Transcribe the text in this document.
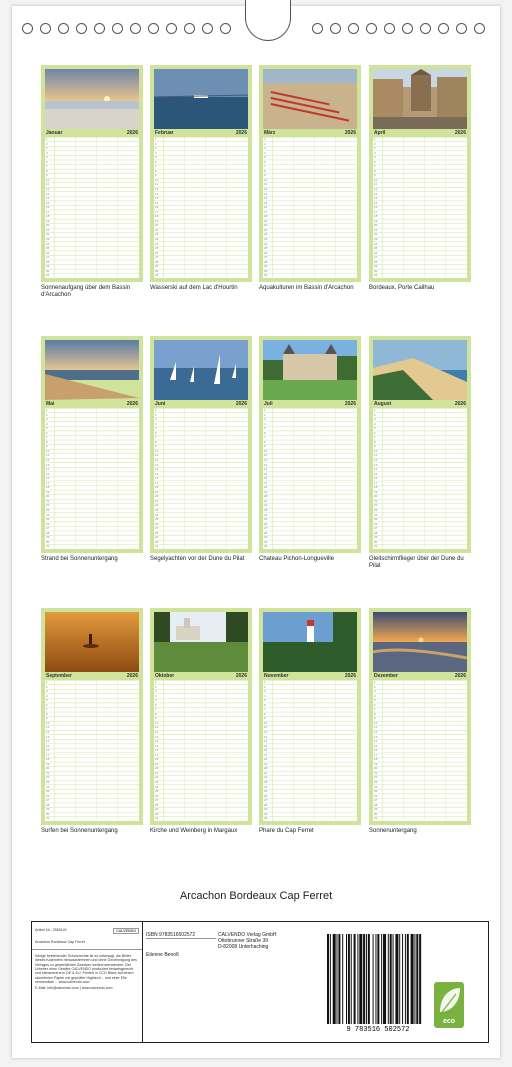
Januar	2026
1
2
3
4
5
6
7
8
9
10
11
12
13
14
15
16
17
18
19
20
21
22
23
24
25
26
27
28
29
30
31

Sonnenaufgang über dem Bassin d'Arcachon
Februar	2026
1
2
3
4
5
6
7
8
9
10
11
12
13
14
15
16
17
18
19
20
21
22
23
24
25
26
27
28
29
30
31

Wasserski auf dem Lac d'Hourtin
März	2026
1
2
3
4
5
6
7
8
9
10
11
12
13
14
15
16
17
18
19
20
21
22
23
24
25
26
27
28
29
30
31

Aquakulturen im Bassin d'Arcachon
April	2026
1
2
3
4
5
6
7
8
9
10
11
12
13
14
15
16
17
18
19
20
21
22
23
24
25
26
27
28
29
30
31

Bordeaux, Porte Cailhau
Mai	2026
1
2
3
4
5
6
7
8
9
10
11
12
13
14
15
16
17
18
19
20
21
22
23
24
25
26
27
28
29
30
31

Strand bei Sonnenuntergang
Juni	2026
1
2
3
4
5
6
7
8
9
10
11
12
13
14
15
16
17
18
19
20
21
22
23
24
25
26
27
28
29
30
31

Segelyachten vor der Dune du Pilat
Juli	2026
1
2
3
4
5
6
7
8
9
10
11
12
13
14
15
16
17
18
19
20
21
22
23
24
25
26
27
28
29
30
31

Chateau Pichon-Longueville
August	2026
1
2
3
4
5
6
7
8
9
10
11
12
13
14
15
16
17
18
19
20
21
22
23
24
25
26
27
28
29
30
31

Gleitschirmflieger über der Dune du Pilat
September	2026
1
2
3
4
5
6
7
8
9
10
11
12
13
14
15
16
17
18
19
20
21
22
23
24
25
26
27
28
29
30
31

Surfen bei Sonnenuntergang
Oktober	2026
1
2
3
4
5
6
7
8
9
10
11
12
13
14
15
16
17
18
19
20
21
22
23
24
25
26
27
28
29
30
31

Kirche und Weinberg in Margaux
November	2026
1
2
3
4
5
6
7
8
9
10
11
12
13
14
15
16
17
18
19
20
21
22
23
24
25
26
27
28
29
30
31

Phare du Cap Ferret
Dezember	2026
1
2
3
4
5
6
7
8
9
10
11
12
13
14
15
16
17
18
19
20
21
22
23
24
25
26
27
28
29
30
31

Sonnenuntergang
Arcachon Bordeaux Cap Ferret
Artikel Nr.: 2565140	CALVENDO
Arcachon Bordeaux Cap Ferret
Infolge bestehender Schutzrechte ist es untersagt, die Bilder dieses Kalenders herauszutrennen und ohne Genehmigung des Verlages zu gewerblichen Zwecken weiterzuverwenden. Der Urheber ohne Gewähr CALVENDO produziert bedarfsgerecht und klimaneutral in DE & EU. Printed in CCO Blanc auf einem säurefreien Papier mit geprüfter Hightech... und einer Elle verwendbar ... www.calvendo.com
E-Mail: info@calvendo.com | www.calvendo.com
ISBN 9783516502572
Etienne Benoît
CALVENDO Verlag GmbH
Ottobrunner Straße 39
D-82008 Unterhaching
9 783516 502572
eco
